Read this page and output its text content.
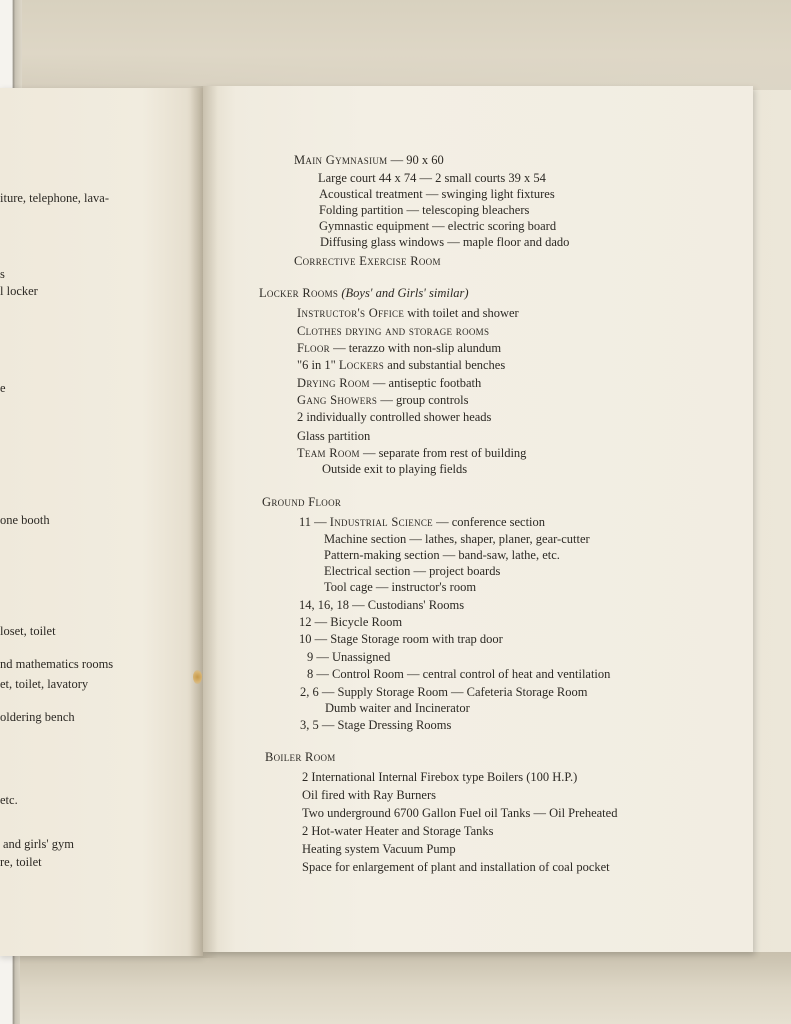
iture, telephone, lava-
s
l locker
e
one booth
loset, toilet
nd mathematics rooms
et, toilet, lavatory
oldering bench
etc.
and girls' gym
re, toilet
Main Gymnasium — 90 x 60
Large court 44 x 74 — 2 small courts 39 x 54
Acoustical treatment — swinging light fixtures
Folding partition — telescoping bleachers
Gymnastic equipment — electric scoring board
Diffusing glass windows — maple floor and dado
Corrective Exercise Room
Locker Rooms (Boys' and Girls' similar)
Instructor's Office with toilet and shower
Clothes drying and storage rooms
Floor — terazzo with non-slip alundum
"6 in 1" Lockers and substantial benches
Drying Room — antiseptic footbath
Gang Showers — group controls
2 individually controlled shower heads
Glass partition
Team Room — separate from rest of building
Outside exit to playing fields
Ground Floor
11 — Industrial Science — conference section
Machine section — lathes, shaper, planer, gear-cutter
Pattern-making section — band-saw, lathe, etc.
Electrical section — project boards
Tool cage — instructor's room
14, 16, 18 — Custodians' Rooms
12 — Bicycle Room
10 — Stage Storage room with trap door
9 — Unassigned
8 — Control Room — central control of heat and ventilation
2, 6 — Supply Storage Room — Cafeteria Storage Room
Dumb waiter and Incinerator
3, 5 — Stage Dressing Rooms
Boiler Room
2 International Internal Firebox type Boilers (100 H.P.)
Oil fired with Ray Burners
Two underground 6700 Gallon Fuel oil Tanks — Oil Preheated
2 Hot-water Heater and Storage Tanks
Heating system Vacuum Pump
Space for enlargement of plant and installation of coal pocket
